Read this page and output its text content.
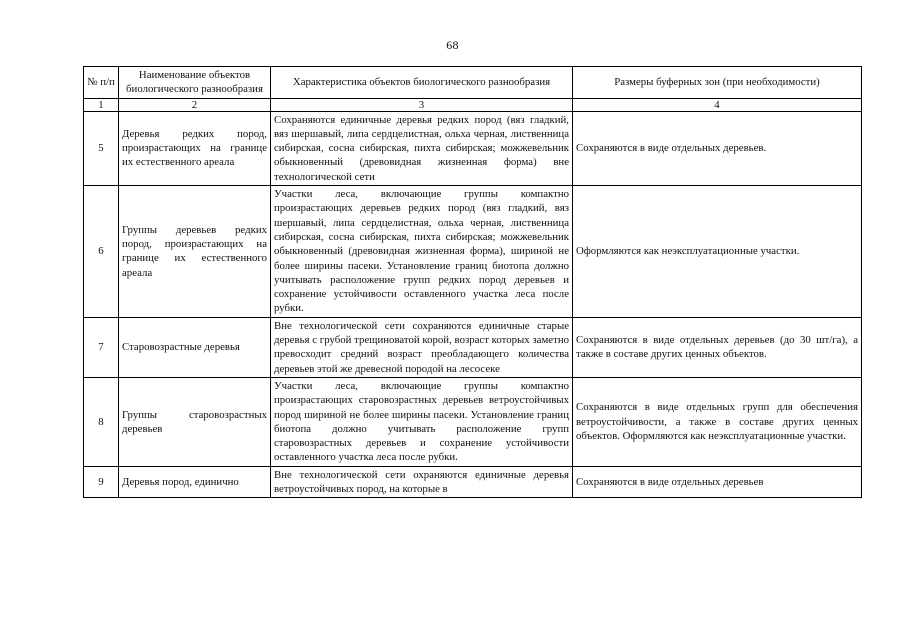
68
№ п/п	Наименование объектов биологического разнообразия	Характеристика объектов биологического разнообразия	Размеры буферных зон (при необходимости)
1	2	3	4
5	Деревья редких пород, произрастающих на границе их естественного ареала	Сохраняются единичные деревья редких пород (вяз гладкий, вяз шершавый, липа сердцелистная, ольха черная, лиственница сибирская, сосна сибирская, пихта сибирская; можжевельник обыкновенный (древовидная жизненная форма) вне технологической сети	Сохраняются в виде отдельных деревьев.
6	Группы деревьев редких пород, произрастающих на границе их естественного ареала	Участки леса, включающие группы компактно произрастающих деревьев редких пород (вяз гладкий, вяз шершавый, липа сердцелистная, ольха черная, лиственница сибирская, сосна сибирская, пихта сибирская; можжевельник обыкновенный (древовидная жизненная форма), шириной не более ширины пасеки. Установление границ биотопа должно учитывать расположение групп редких пород деревьев и сохранение устойчивости оставленного участка леса после рубки.	Оформляются как неэксплуатационные участки.
7	Старовозрастные деревья	Вне технологической сети сохраняются единичные старые деревья с грубой трещиноватой корой, возраст которых заметно превосходит средний возраст преобладающего количества деревьев этой же древесной породой на лесосеке	Сохраняются в виде отдельных деревьев (до 30 шт/га), а также в составе других ценных объектов.
8	Группы старовозрастных деревьев	Участки леса, включающие группы компактно произрастающих старовозрастных деревьев ветроустойчивых пород шириной не более ширины пасеки. Установление границ биотопа должно учитывать расположение групп старовозрастных деревьев и сохранение устойчивости оставленного участка леса после рубки.	Сохраняются в виде отдельных групп для обеспечения ветроустойчивости, а также в составе других ценных объектов. Оформляются как неэксплуатационные участки.
9	Деревья пород, единично	Вне технологической сети охраняются единичные деревья ветроустойчивых пород, на которые в	Сохраняются в виде отдельных деревьев
